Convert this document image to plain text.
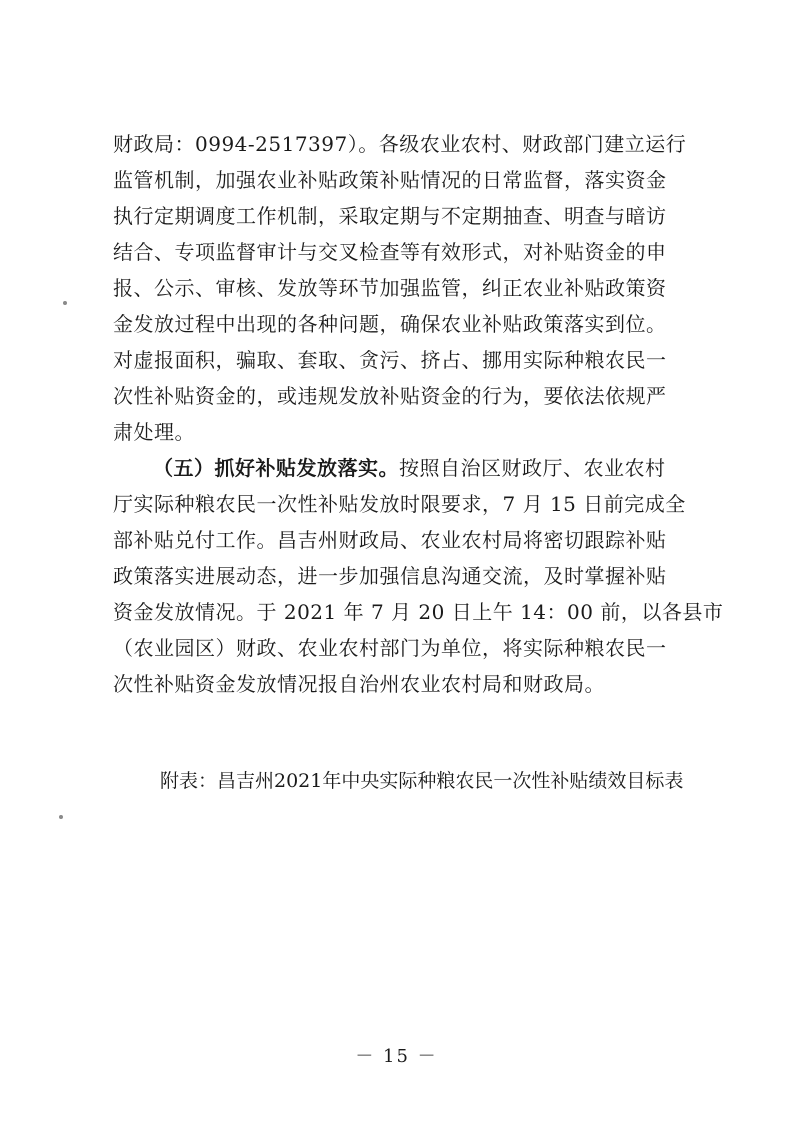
财政局：0994-2517397）。各级农业农村、财政部门建立运行
监管机制，加强农业补贴政策补贴情况的日常监督，落实资金
执行定期调度工作机制，采取定期与不定期抽查、明查与暗访
结合、专项监督审计与交叉检查等有效形式，对补贴资金的申
报、公示、审核、发放等环节加强监管，纠正农业补贴政策资
金发放过程中出现的各种问题，确保农业补贴政策落实到位。
对虚报面积，骗取、套取、贪污、挤占、挪用实际种粮农民一
次性补贴资金的，或违规发放补贴资金的行为，要依法依规严
肃处理。
（五）抓好补贴发放落实。按照自治区财政厅、农业农村
厅实际种粮农民一次性补贴发放时限要求，7 月 15 日前完成全
部补贴兑付工作。昌吉州财政局、农业农村局将密切跟踪补贴
政策落实进展动态，进一步加强信息沟通交流，及时掌握补贴
资金发放情况。于 2021 年 7 月 20 日上午 14：00 前，以各县市
（农业园区）财政、农业农村部门为单位，将实际种粮农民一
次性补贴资金发放情况报自治州农业农村局和财政局。
附表：昌吉州2021年中央实际种粮农民一次性补贴绩效目标表
－ 15 －
